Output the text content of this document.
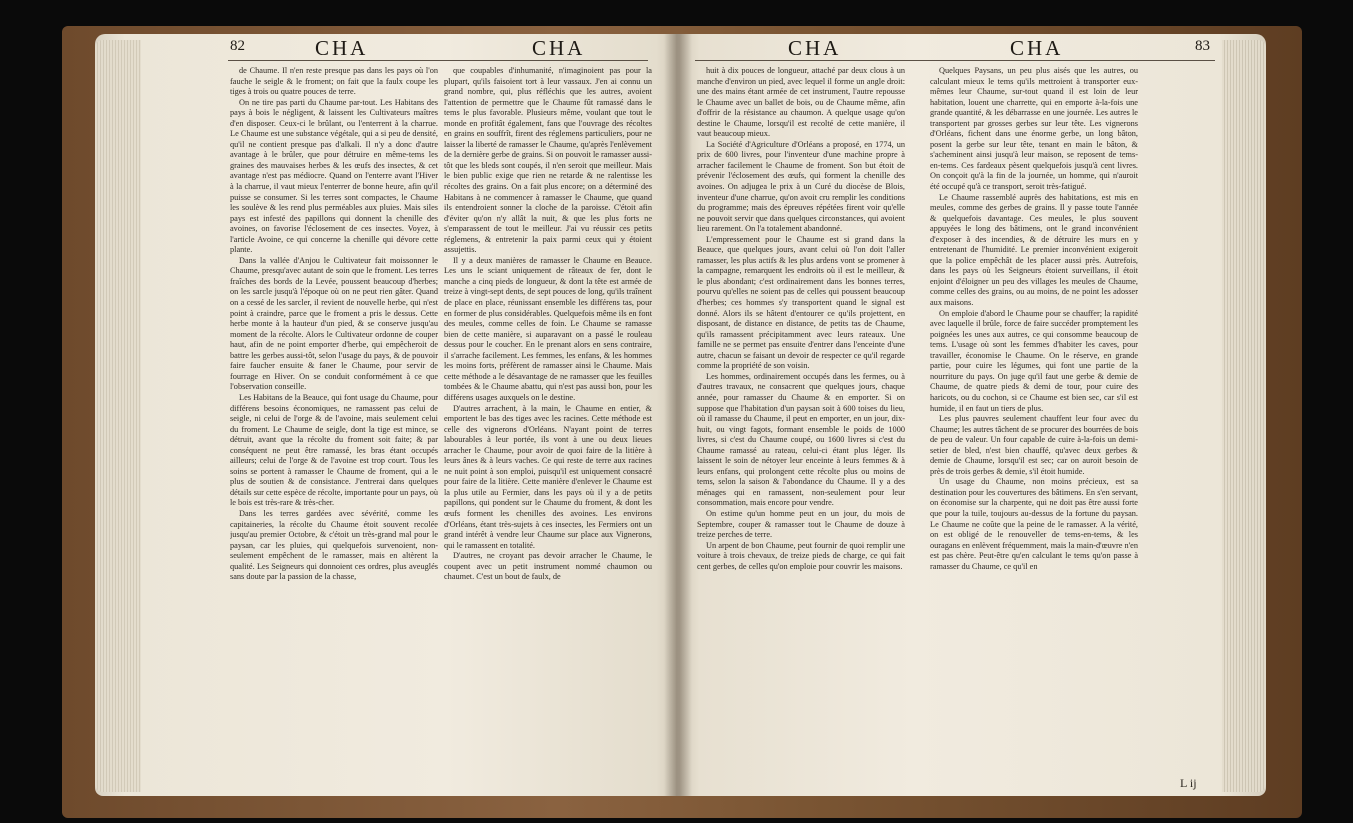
82	CHA	CHA	CHA	CHA	83

de Chaume. Il n'en reste presque pas dans les pays où l'on fauche le seigle & le froment; on fait que la faulx coupe les tiges à trois ou quatre pouces de terre.

On ne tire pas parti du Chaume par-tout. Les Habitans des pays à bois le négligent, & laissent les Cultivateurs maîtres d'en disposer. Ceux-ci le brûlant, ou l'enterrent à la charrue. Le Chaume est une substance végétale, qui a si peu de densité, qu'il ne contient presque pas d'alkali. Il n'y a donc d'autre avantage à le brûler, que pour détruire en même-tems les graines des mauvaises herbes & les œufs des insectes, & cet avantage n'est pas médiocre. Quand on l'enterre avant l'Hiver à la charrue, il vaut mieux l'enterrer de bonne heure, afin qu'il puisse se consumer. Si les terres sont compactes, le Chaume les soulève & les rend plus perméables aux pluies. Mais siles pays est infesté des papillons qui donnent la chenille des avoines, on favorise l'éclosement de ces insectes. Voyez, à l'article Avoine, ce qui concerne la chenille qui dévore cette plante.

Dans la vallée d'Anjou le Cultivateur fait moissonner le Chaume, presqu'avec autant de soin que le froment. Les terres fraîches des bords de la Levée, poussent beaucoup d'herbes; on les sarcle jusqu'à l'époque où on ne peut rien gâter. Quand on a cessé de les sarcler, il revient de nouvelle herbe, qui n'est point à craindre, parce que le froment a pris le dessus. Cette herbe monte à la hauteur d'un pied, & se conserve jusqu'au moment de la récolte. Alors le Cultivateur ordonne de couper haut, afin de ne point emporter d'herbe, qui empêcheroit de battre les gerbes aussi-tôt, selon l'usage du pays, & de pouvoir faire faucher ensuite & faner le Chaume, pour servir de fourrage en Hiver. On se conduit conformément à ce que l'observation conseille.

Les Habitans de la Beauce, qui font usage du Chaume, pour différens besoins économiques, ne ramassent pas celui de seigle, ni celui de l'orge & de l'avoine, mais seulement celui du froment. Le Chaume de seigle, dont la tige est mince, se détruit, avant que la récolte du froment soit faite; & par conséquent ne peut être ramassé, les bras étant occupés ailleurs; celui de l'orge & de l'avoine est trop court. Tous les soins se portent à ramasser le Chaume de froment, qui a le plus de soutien & de consistance. J'entrerai dans quelques détails sur cette espèce de récolte, importante pour un pays, où le bois est très-rare & très-cher.

Dans les terres gardées avec sévérité, comme les capitaineries, la récolte du Chaume étoit souvent recolée jusqu'au premier Octobre, & c'étoit un très-grand mal pour le paysan, car les pluies, qui quelquefois survenoient, non-seulement empêchent de le ramasser, mais en altèrent la qualité. Les Seigneurs qui donnoient ces ordres, plus aveuglés sans doute par la passion de la chasse,

que coupables d'inhumanité, n'imaginoient pas pour la plupart, qu'ils faisoient tort à leur vassaux. J'en ai connu un grand nombre, qui, plus réfléchis que les autres, avoient l'attention de permettre que le Chaume fût ramassé dans le tems le plus favorable. Plusieurs même, voulant que tout le monde en profitât également, fans que l'ouvrage des récoltes en grains en souffrît, firent des réglemens particuliers, pour ne laisser la liberté de ramasser le Chaume, qu'après l'enlèvement de la dernière gerbe de grains. Si on pouvoit le ramasser aussi-tôt que les bleds sont coupés, il n'en seroit que meilleur. Mais le bien public exige que rien ne retarde & ne ralentisse les récoltes des grains. On a fait plus encore; on a déterminé des Habitans à ne commencer à ramasser le Chaume, que quand ils entendroient sonner la cloche de la paroisse. C'étoit afin d'éviter qu'on n'y allât la nuit, & que les plus forts ne s'emparassent de tout le meilleur. J'ai vu réussir ces petits réglemens, & entretenir la paix parmi ceux qui y étoient assujettis.

Il y a deux manières de ramasser le Chaume en Beauce. Les uns le sciant uniquement de râteaux de fer, dont le manche a cinq pieds de longueur, & dont la tête est armée de treize à vingt-sept dents, de sept pouces de long, qu'ils traînent de place en place, réunissant ensemble les différens tas, pour en former de plus considérables. Quelquefois même ils en font des meules, comme celles de foin. Le Chaume se ramasse bien de cette manière, si auparavant on a passé le rouleau dessus pour le coucher. En le prenant alors en sens contraire, il s'arrache facilement. Les femmes, les enfans, & les hommes les moins forts, préfèrent de ramasser ainsi le Chaume. Mais cette méthode a le désavantage de ne ramasser que les feuilles tombées & le Chaume abattu, qui n'est pas aussi bon, pour les différens usages auxquels on le destine.

D'autres arrachent, à la main, le Chaume en entier, & emportent le bas des tiges avec les racines. Cette méthode est celle des vignerons d'Orléans. N'ayant point de terres labourables à leur portée, ils vont à une ou deux lieues arracher le Chaume, pour avoir de quoi faire de la litière à leurs ânes & à leurs vaches. Ce qui reste de terre aux racines ne nuit point à son emploi, puisqu'il est uniquement consacré pour faire de la litière. Cette manière d'enlever le Chaume est la plus utile au Fermier, dans les pays où il y a de petits papillons, qui pondent sur le Chaume du froment, & dont les œufs forment les chenilles des avoines. Les environs d'Orléans, étant très-sujets à ces insectes, les Fermiers ont un grand intérêt à vendre leur Chaume sur place aux Vignerons, qui le ramassent en totalité.

D'autres, ne croyant pas devoir arracher le Chaume, le coupent avec un petit instrument nommé chaumon ou chaumet. C'est un bout de faulx, de

huit à dix pouces de longueur, attaché par deux clous à un manche d'environ un pied, avec lequel il forme un angle droit: une des mains étant armée de cet instrument, l'autre repousse le Chaume avec un ballet de bois, ou de Chaume même, afin d'offrir de la résistance au chaumon. A quelque usage qu'on destine le Chaume, lorsqu'il est recolté de cette manière, il vaut beaucoup mieux.

La Société d'Agriculture d'Orléans a proposé, en 1774, un prix de 600 livres, pour l'inventeur d'une machine propre à arracher facilement le Chaume de froment. Son but étoit de prévenir l'éclosement des œufs, qui forment la chenille des avoines. On adjugea le prix à un Curé du diocèse de Blois, inventeur d'une charrue, qu'on avoit cru remplir les conditions du programme; mais des épreuves répétées firent voir qu'elle ne pouvoit servir que dans quelques circonstances, qui avoient lieu rarement. On l'a totalement abandonné.

L'empressement pour le Chaume est si grand dans la Beauce, que quelques jours, avant celui où l'on doit l'aller ramasser, les plus actifs & les plus ardens vont se promener à la campagne, remarquent les endroits où il est le meilleur, & le plus abondant; c'est ordinairement dans les bonnes terres, pourvu qu'elles ne soient pas de celles qui poussent beaucoup d'herbes; ces hommes s'y transportent quand le signal est donné. Alors ils se hâtent d'entourer ce qu'ils projettent, en disposant, de distance en distance, de petits tas de Chaume, qu'ils ramassent précipitamment avec leurs rateaux. Une famille ne se permet pas ensuite d'entrer dans l'enceinte d'une autre, chacun se faisant un devoir de respecter ce qu'il regarde comme la propriété de son voisin.

Les hommes, ordinairement occupés dans les fermes, ou à d'autres travaux, ne consacrent que quelques jours, chaque année, pour ramasser du Chaume & en emporter. Si on suppose que l'habitation d'un paysan soit à 600 toises du lieu, où il ramasse du Chaume, il peut en emporter, en un jour, dix-huit, ou vingt fagots, formant ensemble le poids de 1000 livres, si c'est du Chaume coupé, ou 1600 livres si c'est du Chaume ramassé au rateau, celui-ci étant plus léger. Ils laissent le soin de nétoyer leur enceinte à leurs femmes & à leurs enfans, qui prolongent cette récolte plus ou moins de tems, selon la saison & l'abondance du Chaume. Il y a des ménages qui en ramassent, non-seulement pour leur consommation, mais encore pour vendre.

On estime qu'un homme peut en un jour, du mois de Septembre, couper & ramasser tout le Chaume de douze à treize perches de terre.

Un arpent de bon Chaume, peut fournir de quoi remplir une voiture à trois chevaux, de treize pieds de charge, ce qui fait cent gerbes, de celles qu'on emploie pour couvrir les maisons.

Quelques Paysans, un peu plus aisés que les autres, ou calculant mieux le tems qu'ils mettroient à transporter eux-mêmes leur Chaume, sur-tout quand il est loin de leur habitation, louent une charrette, qui en emporte à-la-fois une grande quantité, & les débarrasse en une journée. Les autres le transportent par grosses gerbes sur leur tête. Les vignerons d'Orléans, fichent dans une énorme gerbe, un long bâton, posent la gerbe sur leur tête, tenant en main le bâton, & s'acheminent ainsi jusqu'à leur maison, se reposent de tems-en-tems. Ces fardeaux pèsent quelquefois jusqu'à cent livres. On conçoit qu'à la fin de la journée, un homme, qui n'auroit été occupé qu'à ce transport, seroit très-fatigué.

Le Chaume rassemblé auprès des habitations, est mis en meules, comme des gerbes de grains. Il y passe toute l'année & quelquefois davantage. Ces meules, le plus souvent appuyées le long des bâtimens, ont le grand inconvénient d'exposer à des incendies, & de détruire les murs en y entretenant de l'humidité. Le premier inconvénient exigeroit que la police empêchât de les placer aussi près. Autrefois, dans les pays où les Seigneurs étoient surveillans, il étoit enjoint d'éloigner un peu des villages les meules de Chaume, comme celles des grains, ou au moins, de ne point les adosser aux maisons.

On emploie d'abord le Chaume pour se chauffer; la rapidité avec laquelle il brûle, force de faire succéder promptement les poignées les unes aux autres, ce qui consomme beaucoup de tems. L'usage où sont les femmes d'habiter les caves, pour travailler, économise le Chaume. On le réserve, en grande partie, pour cuire les légumes, qui font une partie de la nourriture du pays. On juge qu'il faut une gerbe & demie de Chaume, de quatre pieds & demi de tour, pour cuire des haricots, ou du cochon, si ce Chaume est bien sec, car s'il est humide, il en faut un tiers de plus.

Les plus pauvres seulement chauffent leur four avec du Chaume; les autres tâchent de se procurer des bourrées de bois de peu de valeur. Un four capable de cuire à-la-fois un demi-setier de bled, n'est bien chauffé, qu'avec deux gerbes & demie de Chaume, lorsqu'il est sec; car on auroit besoin de près de trois gerbes & demie, s'il étoit humide.

Un usage du Chaume, non moins précieux, est sa destination pour les couvertures des bâtimens. En s'en servant, on économise sur la charpente, qui ne doit pas être aussi forte que pour la tuile, toujours au-dessus de la fortune du paysan. Le Chaume ne coûte que la peine de le ramasser. A la vérité, on est obligé de le renouveller de tems-en-tems, & les ouragans en enlèvent fréquemment, mais la main-d'œuvre n'en est pas chère. Peut-être qu'en calculant le tems qu'on passe à ramasser du Chaume, ce qu'il en

L ij
